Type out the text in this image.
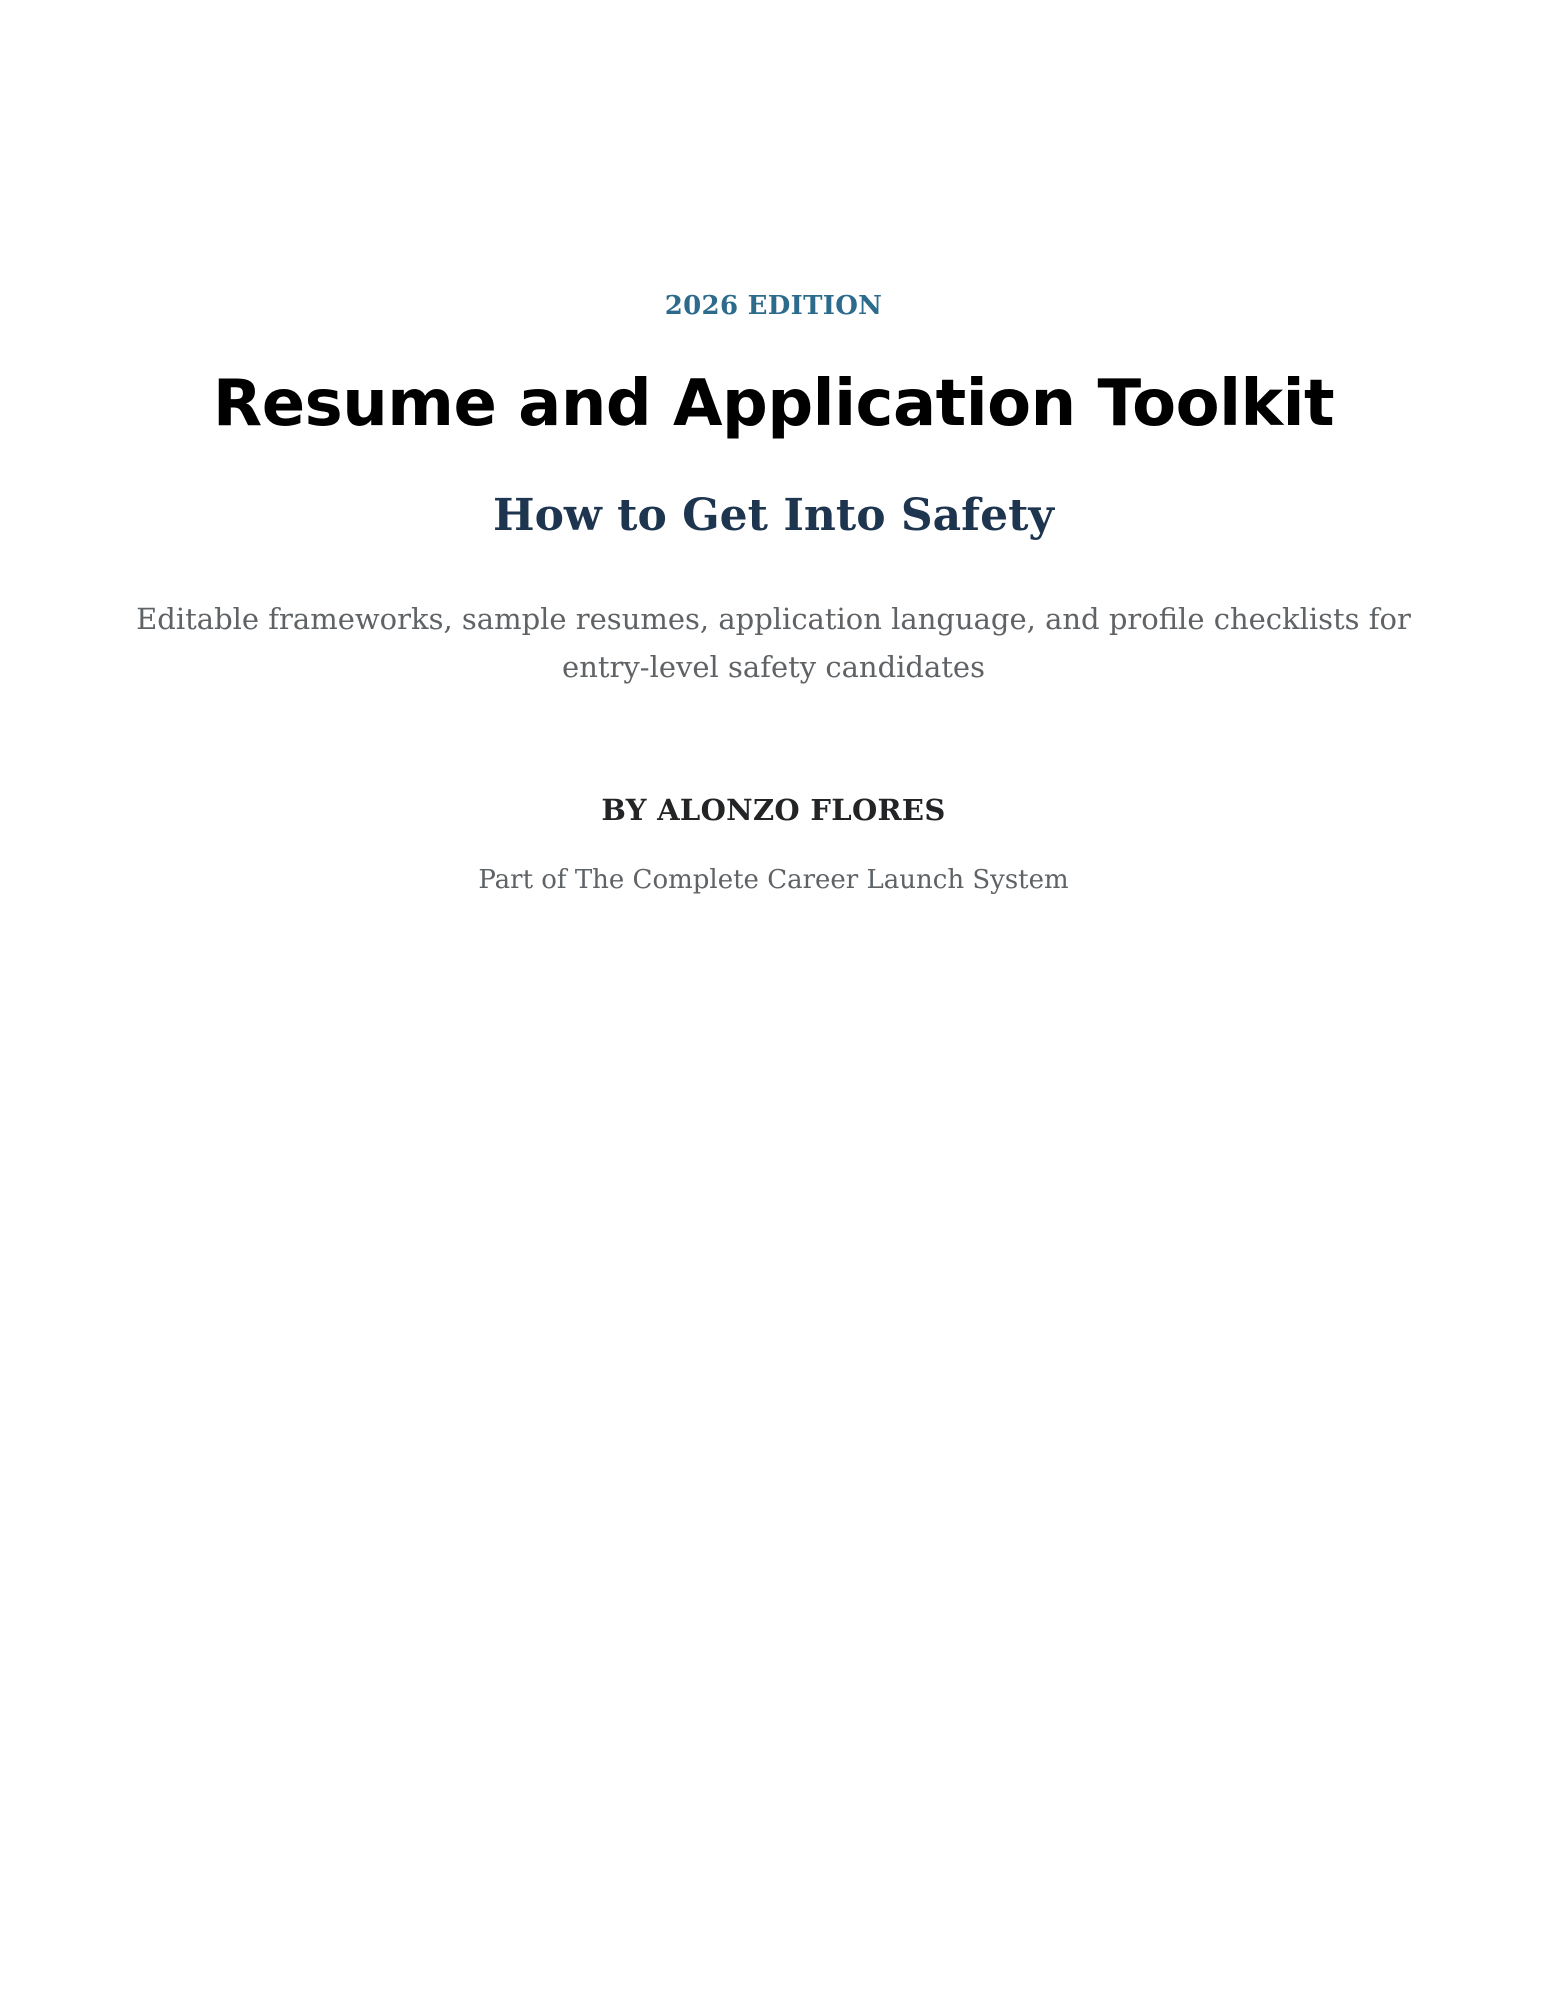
2026 EDITION

Resume and Application Toolkit
How to Get Into Safety

Editable frameworks, sample resumes, application language, and profile checklists for entry-level safety candidates

BY ALONZO FLORES

Part of The Complete Career Launch System
